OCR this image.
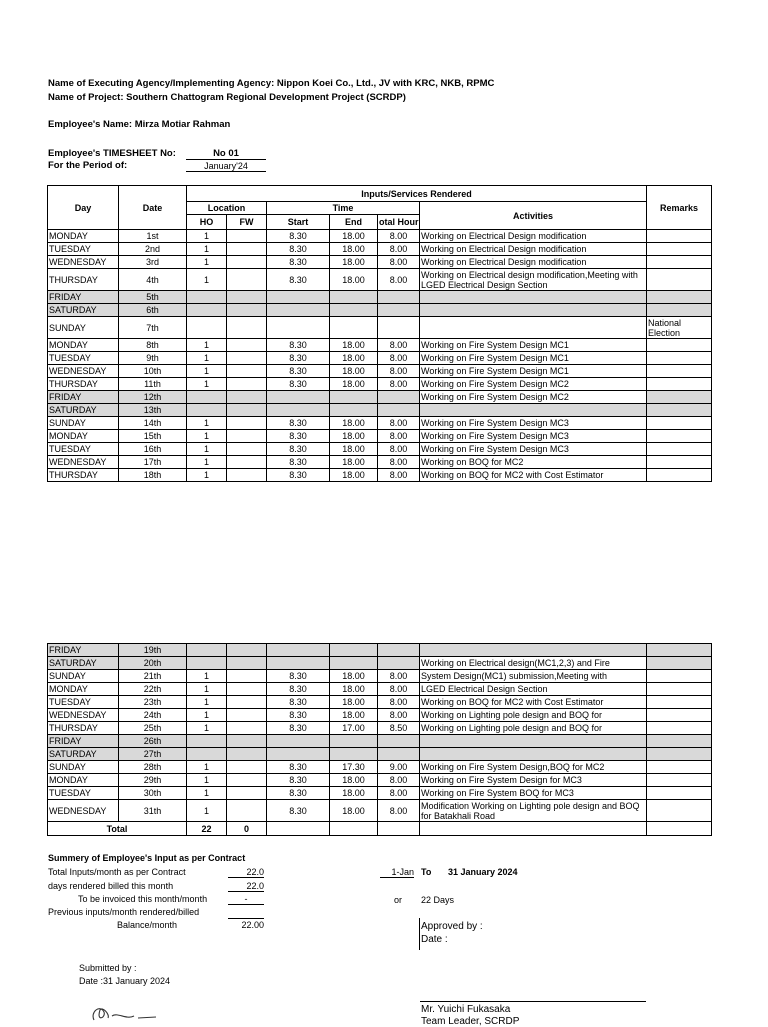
Name of Executing Agency/Implementing Agency: Nippon Koei Co., Ltd., JV with KRC, NKB, RPMC
Name of Project: Southern Chattogram Regional Development Project (SCRDP)
Employee's Name: Mirza Motiar Rahman
Employee's TIMESHEET No:	No 01
For the Period of:	January'24
Day	Date	Inputs/Services Rendered						Remarks
		Location		Time			Activities	
		HO	FW	Start	End	otal Hour		
MONDAY	1st	1		8.30	18.00	8.00	Working on Electrical Design modification	
TUESDAY	2nd	1		8.30	18.00	8.00	Working on Electrical Design modification	
WEDNESDAY	3rd	1		8.30	18.00	8.00	Working on Electrical Design modification	
THURSDAY	4th	1		8.30	18.00	8.00	Working on Electrical design modification,Meeting with LGED Electrical Design Section	
FRIDAY	5th							
SATURDAY	6th							
SUNDAY	7th							National Election
MONDAY	8th	1		8.30	18.00	8.00	Working on Fire System Design MC1	
TUESDAY	9th	1		8.30	18.00	8.00	Working on Fire System Design MC1	
WEDNESDAY	10th	1		8.30	18.00	8.00	Working on Fire System Design MC1	
THURSDAY	11th	1		8.30	18.00	8.00	Working on Fire System Design MC2	
FRIDAY	12th						Working on Fire System Design MC2	
SATURDAY	13th							
SUNDAY	14th	1		8.30	18.00	8.00	Working on Fire System Design MC3	
MONDAY	15th	1		8.30	18.00	8.00	Working on Fire System Design MC3	
TUESDAY	16th	1		8.30	18.00	8.00	Working on Fire System Design MC3	
WEDNESDAY	17th	1		8.30	18.00	8.00	Working on BOQ for MC2	
THURSDAY	18th	1		8.30	18.00	8.00	Working on BOQ for MC2 with Cost Estimator	
FRIDAY	19th							
SATURDAY	20th						Working on Electrical design(MC1,2,3) and Fire	
SUNDAY	21th	1		8.30	18.00	8.00	System Design(MC1) submission,Meeting with	
MONDAY	22th	1		8.30	18.00	8.00	LGED Electrical Design Section	
TUESDAY	23th	1		8.30	18.00	8.00	Working on BOQ for MC2 with Cost Estimator	
WEDNESDAY	24th	1		8.30	18.00	8.00	Working on Lighting pole design and BOQ for	
THURSDAY	25th	1		8.30	17.00	8.50	Working on Lighting pole design and BOQ for	
FRIDAY	26th							
SATURDAY	27th							
SUNDAY	28th	1		8.30	17.30	9.00	Working on Fire System Design,BOQ for MC2	
MONDAY	29th	1		8.30	18.00	8.00	Working on Fire System Design for MC3	
TUESDAY	30th	1		8.30	18.00	8.00	Working on Fire System BOQ for MC3	
WEDNESDAY	31th	1		8.30	18.00	8.00	Modification Working on Lighting pole design and BOQ for Batakhali Road	
Total		22	0					
Summery of Employee's Input as per Contract
Total Inputs/month as per Contract	22.0
days rendered billed this month	22.0
To be invoiced this month/month	-
Previous inputs/month rendered/billed
Balance/month	22.00
1-Jan To 31 January 2024
or 22 Days
Approved by :
Date :
Submitted by :
Date :31 January 2024
Mr. Yuichi Fukasaka
Team Leader, SCRDP
